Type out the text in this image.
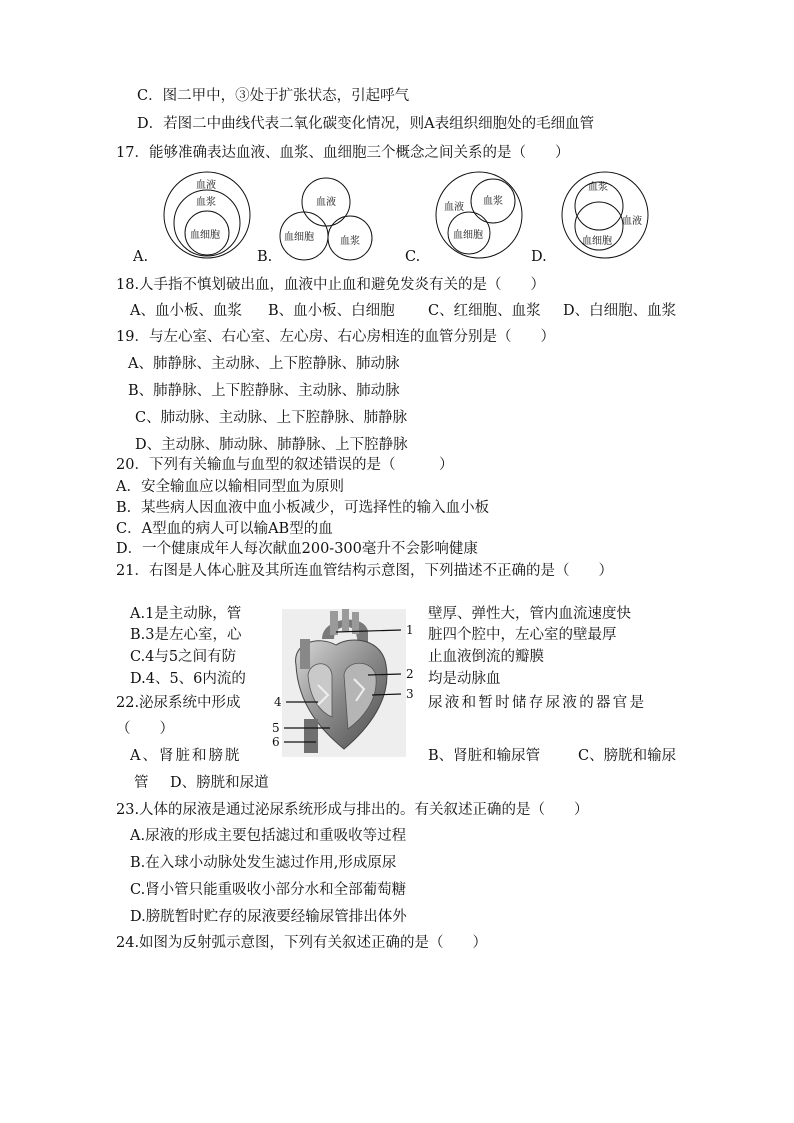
C．图二甲中，③处于扩张状态，引起呼气
D．若图二中曲线代表二氧化碳变化情况，则A表组织细胞处的毛细血管
17．能够准确表达血液、血浆、血细胞三个概念之间关系的是（　　）
血液
血浆
血细胞
A.
血液
血细胞	血浆
B.
血液
血浆
血细胞
C.
血浆
血液
血细胞
D.
18.人手指不慎划破出血，血液中止血和避免发炎有关的是（　　）
A、血小板、血浆 B、血小板、白细胞 C、红细胞、血浆 D、白细胞、血浆
19．与左心室、右心室、左心房、右心房相连的血管分别是（　　）
A、肺静脉、主动脉、上下腔静脉、肺动脉
B、肺静脉、上下腔静脉、主动脉、肺动脉
C、肺动脉、主动脉、上下腔静脉、肺静脉
D、主动脉、肺动脉、肺静脉、上下腔静脉
20．下列有关输血与血型的叙述错误的是（　　　）
A．安全输血应以输相同型血为原则
B．某些病人因血液中血小板减少，可选择性的输入血小板
C．A型血的病人可以输AB型的血
D．一个健康成年人每次献血200-300毫升不会影响健康
21．右图是人体心脏及其所连血管结构示意图，下列描述不正确的是（　　）
A.1是主动脉，管	壁厚、弹性大，管内血流速度快
B.3是左心室，心	脏四个腔中，左心室的壁最厚
C.4与5之间有防	止血液倒流的瓣膜
D.4、5、6内流的	均是动脉血
1
2
3
4
5
6
22.泌尿系统中形成	尿液和暂时储存尿液的器官是
（　　）
A、肾脏和膀胱	B、肾脏和输尿管	C、膀胱和输尿
管 D、膀胱和尿道
23.人体的尿液是通过泌尿系统形成与排出的。有关叙述正确的是（　　）
A.尿液的形成主要包括滤过和重吸收等过程
B.在入球小动脉处发生滤过作用,形成原尿
C.肾小管只能重吸收小部分水和全部葡萄糖
D.膀胱暂时贮存的尿液要经输尿管排出体外
24.如图为反射弧示意图，下列有关叙述正确的是（　　）
